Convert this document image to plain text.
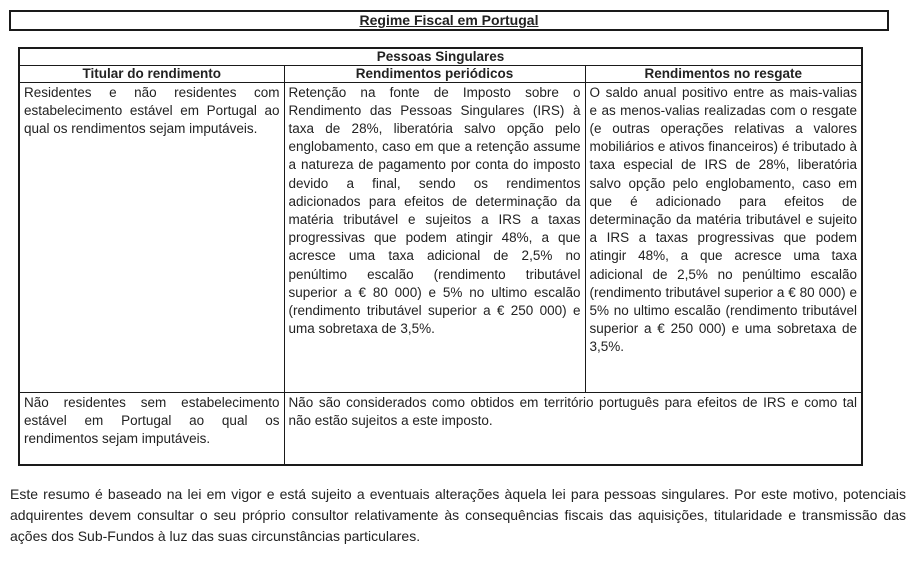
Regime Fiscal em Portugal
Pessoas Singulares		
Titular do rendimento	Rendimentos periódicos	Rendimentos no resgate
Residentes e não residentes com estabelecimento estável em Portugal ao qual os rendimentos sejam imputáveis.	Retenção na fonte de Imposto sobre o Rendimento das Pessoas Singulares (IRS) à taxa de 28%, liberatória salvo opção pelo englobamento, caso em que a retenção assume a natureza de pagamento por conta do imposto devido a final, sendo os rendimentos adicionados para efeitos de determinação da matéria tributável e sujeitos a IRS a taxas progressivas que podem atingir 48%, a que acresce uma taxa adicional de 2,5% no penúltimo escalão (rendimento tributável superior a € 80 000) e 5% no ultimo escalão (rendimento tributável superior a € 250 000) e uma sobretaxa de 3,5%.	O saldo anual positivo entre as mais-valias e as menos-valias realizadas com o resgate (e outras operações relativas a valores mobiliários e ativos financeiros) é tributado à taxa especial de IRS de 28%, liberatória salvo opção pelo englobamento, caso em que é adicionado para efeitos de determinação da matéria tributável e sujeito a IRS a taxas progressivas que podem atingir 48%, a que acresce uma taxa adicional de 2,5% no penúltimo escalão (rendimento tributável superior a € 80 000) e 5% no ultimo escalão (rendimento tributável superior a € 250 000) e uma sobretaxa de 3,5%.
Não residentes sem estabelecimento estável em Portugal ao qual os rendimentos sejam imputáveis.	Não são considerados como obtidos em território português para efeitos de IRS e como tal não estão sujeitos a este imposto.	

Este resumo é baseado na lei em vigor e está sujeito a eventuais alterações àquela lei para pessoas singulares. Por este motivo, potenciais adquirentes devem consultar o seu próprio consultor relativamente às consequências fiscais das aquisições, titularidade e transmissão das ações dos Sub-Fundos à luz das suas circunstâncias particulares.
